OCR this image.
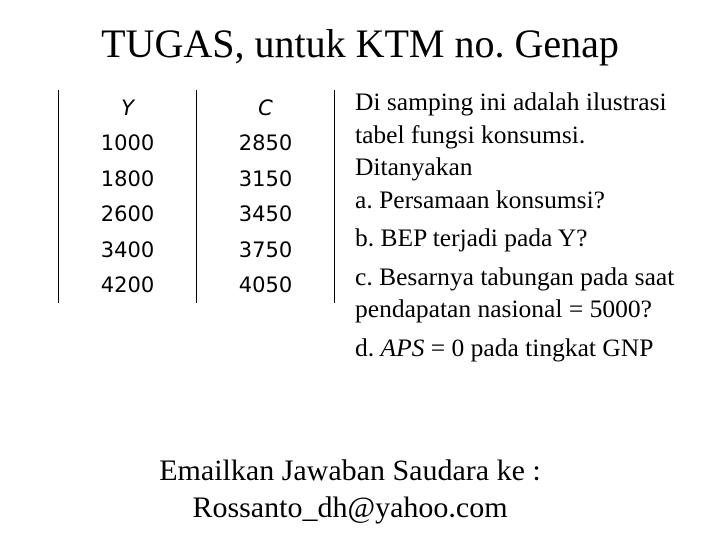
TUGAS, untuk KTM no. Genap
Y	C
1000	2850
1800	3150
2600	3450
3400	3750
4200	4050

Di samping ini adalah ilustrasi tabel fungsi konsumsi. Ditanyakan

a. Persamaan konsumsi?

b. BEP terjadi pada Y?

c. Besarnya tabungan pada saat pendapatan nasional = 5000?

d. APS = 0 pada tingkat GNP

Emailkan Jawaban Saudara ke :
Rossanto_dh@yahoo.com
